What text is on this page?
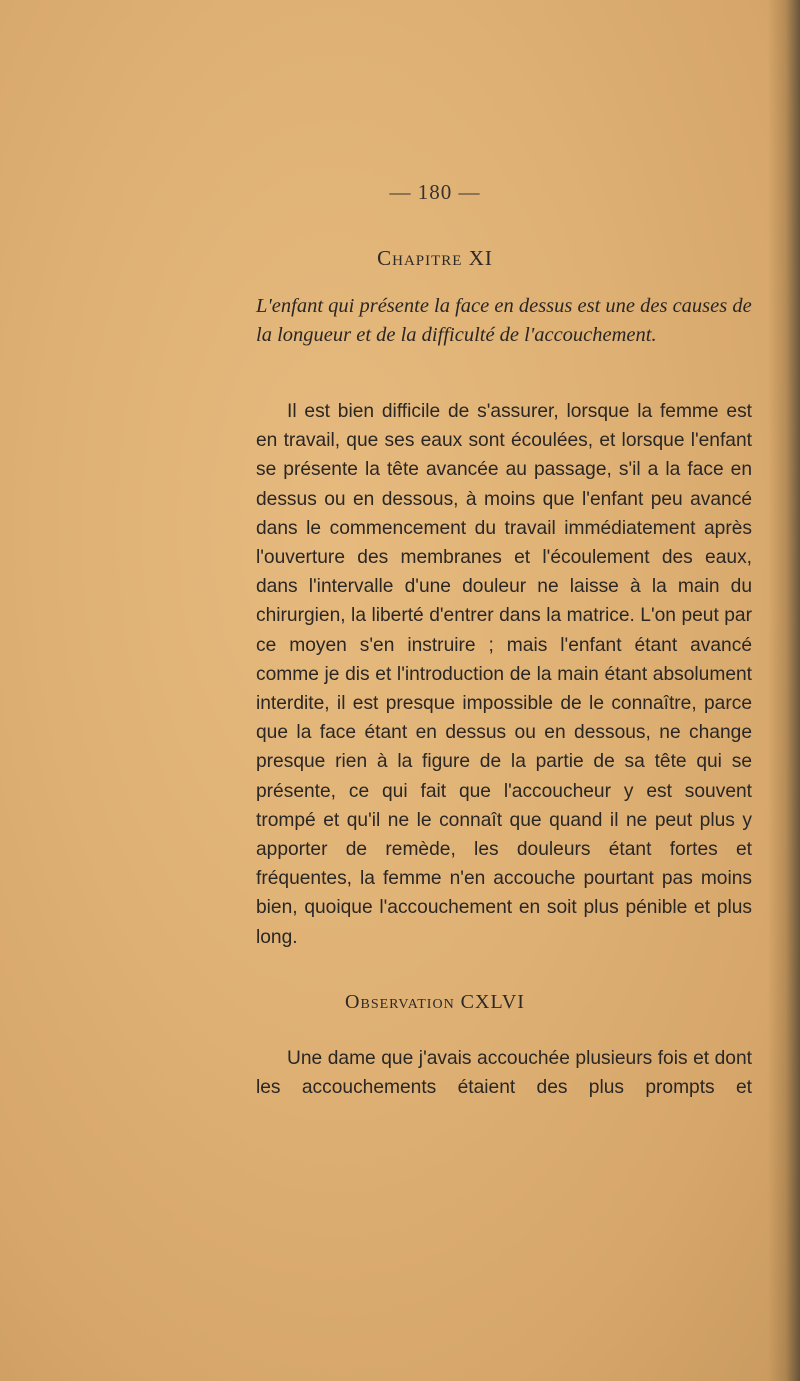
— 180 —
Chapitre XI
L'enfant qui présente la face en dessus est une des causes de la longueur et de la difficulté de l'accouchement.
Il est bien difficile de s'assurer, lorsque la femme est en travail, que ses eaux sont écoulées, et lorsque l'enfant se présente la tête avancée au passage, s'il a la face en dessus ou en dessous, à moins que l'enfant peu avancé dans le commencement du travail immédiatement après l'ouverture des membranes et l'écoulement des eaux, dans l'intervalle d'une douleur ne laisse à la main du chirurgien, la liberté d'entrer dans la matrice. L'on peut par ce moyen s'en instruire ; mais l'enfant étant avancé comme je dis et l'introduction de la main étant absolument interdite, il est presque impossible de le connaître, parce que la face étant en dessus ou en dessous, ne change presque rien à la figure de la partie de sa tête qui se présente, ce qui fait que l'accoucheur y est souvent trompé et qu'il ne le connaît que quand il ne peut plus y apporter de remède, les douleurs étant fortes et fréquentes, la femme n'en accouche pourtant pas moins bien, quoique l'accouchement en soit plus pénible et plus long.
Observation CXLVI
Une dame que j'avais accouchée plusieurs fois et dont les accouchements étaient des plus prompts et
